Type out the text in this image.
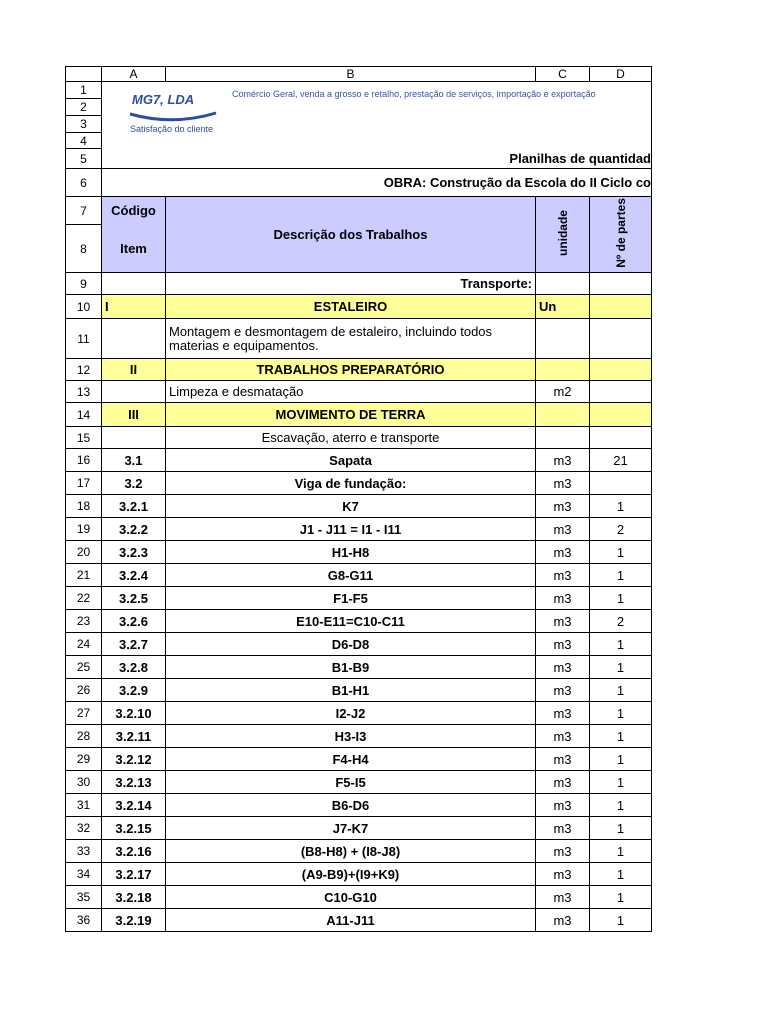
	A	B	C	D
1	MG7, LDA
Satisfação do cliente
Comércio Geral, venda a grosso e retalho, prestação de serviços, importação e exportação			

2				
3				
4				
5	Planilhas de quantidad			
6	OBRA: Construção da Escola do II Ciclo co			
7	Código	Descrição dos Trabalhos	unidade	Nº de partes
8	Item			
9		Transporte:		
10	I	ESTALEIRO	Un	
11		Montagem e desmontagem de estaleiro, incluindo todos materias e equipamentos.		
12	II	TRABALHOS PREPARATÓRIO		
13		Limpeza e desmatação	m2	
14	III	MOVIMENTO DE TERRA		
15		Escavação, aterro e transporte		
16	3.1	Sapata	m3	21
17	3.2	Viga de fundação:	m3	
18	3.2.1	K7	m3	1
19	3.2.2	J1 - J11 = I1 - I11	m3	2
20	3.2.3	H1-H8	m3	1
21	3.2.4	G8-G11	m3	1
22	3.2.5	F1-F5	m3	1
23	3.2.6	E10-E11=C10-C11	m3	2
24	3.2.7	D6-D8	m3	1
25	3.2.8	B1-B9	m3	1
26	3.2.9	B1-H1	m3	1
27	3.2.10	I2-J2	m3	1
28	3.2.11	H3-I3	m3	1
29	3.2.12	F4-H4	m3	1
30	3.2.13	F5-I5	m3	1
31	3.2.14	B6-D6	m3	1
32	3.2.15	J7-K7	m3	1
33	3.2.16	(B8-H8) + (I8-J8)	m3	1
34	3.2.17	(A9-B9)+(I9+K9)	m3	1
35	3.2.18	C10-G10	m3	1
36	3.2.19	A11-J11	m3	1
